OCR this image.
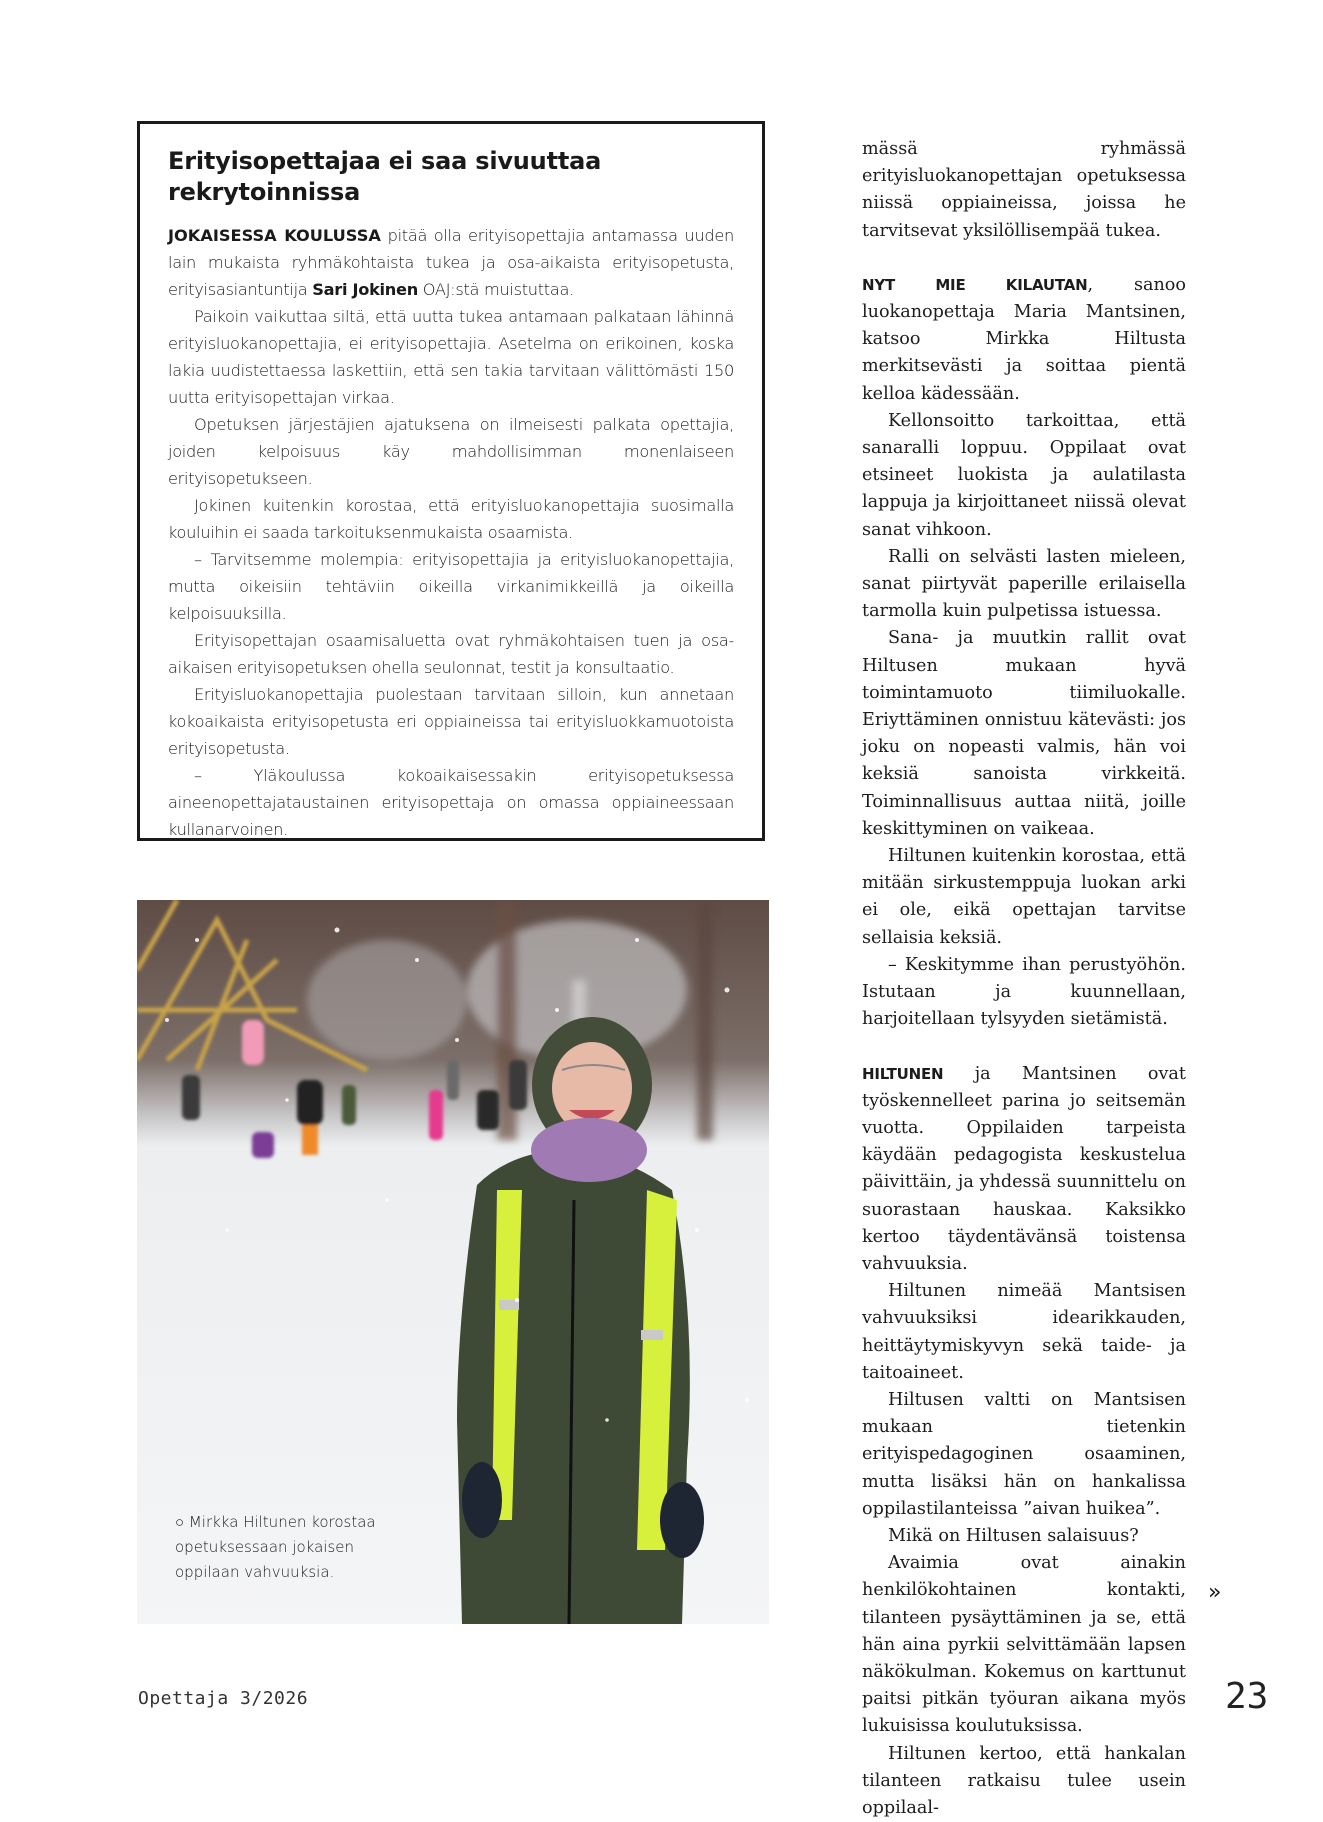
Erityisopettajaa ei saa sivuuttaa rekrytoinnissa

JOKAISESSA KOULUSSA pitää olla erityisopettajia antamassa uuden lain mukaista ryhmäkohtaista tukea ja osa-aikaista erityisopetusta, erityisasiantuntija Sari Jokinen OAJ:stä muistuttaa.

Paikoin vaikuttaa siltä, että uutta tukea antamaan palkataan lähinnä erityisluokanopettajia, ei erityisopettajia. Asetelma on erikoinen, koska lakia uudistettaessa laskettiin, että sen takia tarvitaan välittömästi 150 uutta erityisopettajan virkaa.

Opetuksen järjestäjien ajatuksena on ilmeisesti palkata opettajia, joiden kelpoisuus käy mahdollisimman monenlaiseen erityisopetukseen.

Jokinen kuitenkin korostaa, että erityisluokanopettajia suosimalla kouluihin ei saada tarkoituksenmukaista osaamista.

– Tarvitsemme molempia: erityisopettajia ja erityisluokanopettajia, mutta oikeisiin tehtäviin oikeilla virkanimikkeillä ja oikeilla kelpoisuuksilla.

Erityisopettajan osaamisaluetta ovat ryhmäkohtaisen tuen ja osa-aikaisen erityisopetuksen ohella seulonnat, testit ja konsultaatio.

Erityisluokanopettajia puolestaan tarvitaan silloin, kun annetaan kokoaikaista erityisopetusta eri oppiaineissa tai erityisluokkamuotoista erityisopetusta.

– Yläkoulussa kokoaikaisessakin erityisopetuksessa aineenopettajataustainen erityisopettaja on omassa oppiaineessaan kullanarvoinen.

○ Mirkka Hiltunen korostaa opetuksessaan jokaisen oppilaan vahvuuksia.

mässä ryhmässä erityisluokanopettajan opetuksessa niissä oppiaineissa, joissa he tarvitsevat yksilöllisempää tukea.

NYT MIE KILAUTAN, sanoo luokanopettaja Maria Mantsinen, katsoo Mirkka Hiltusta merkitsevästi ja soittaa pientä kelloa kädessään.

Kellonsoitto tarkoittaa, että sanaralli loppuu. Oppilaat ovat etsineet luokista ja aulatilasta lappuja ja kirjoittaneet niissä olevat sanat vihkoon.

Ralli on selvästi lasten mieleen, sanat piirtyvät paperille erilaisella tarmolla kuin pulpetissa istuessa.

Sana- ja muutkin rallit ovat Hiltusen mukaan hyvä toimintamuoto tiimiluokalle. Eriyttäminen onnistuu kätevästi: jos joku on nopeasti valmis, hän voi keksiä sanoista virkkeitä. Toiminnallisuus auttaa niitä, joille keskittyminen on vaikeaa.

Hiltunen kuitenkin korostaa, että mitään sirkustemppuja luokan arki ei ole, eikä opettajan tarvitse sellaisia keksiä.

– Keskitymme ihan perustyöhön. Istutaan ja kuunnellaan, harjoitellaan tylsyyden sietämistä.

HILTUNEN ja Mantsinen ovat työskennelleet parina jo seitsemän vuotta. Oppilaiden tarpeista käydään pedagogista keskustelua päivittäin, ja yhdessä suunnittelu on suorastaan hauskaa. Kaksikko kertoo täydentävänsä toistensa vahvuuksia.

Hiltunen nimeää Mantsisen vahvuuksiksi idearikkauden, heittäytymiskyvyn sekä taide- ja taitoaineet.

Hiltusen valtti on Mantsisen mukaan tietenkin erityispedagoginen osaaminen, mutta lisäksi hän on hankalissa oppilastilanteissa ”aivan huikea”.

Mikä on Hiltusen salaisuus?

Avaimia ovat ainakin henkilökohtainen kontakti, tilanteen pysäyttäminen ja se, että hän aina pyrkii selvittämään lapsen näkökulman. Kokemus on karttunut paitsi pitkän työuran aikana myös lukuisissa koulutuksissa.

Hiltunen kertoo, että hankalan tilanteen ratkaisu tulee usein oppilaal-

»
Opettaja 3/2026	23
